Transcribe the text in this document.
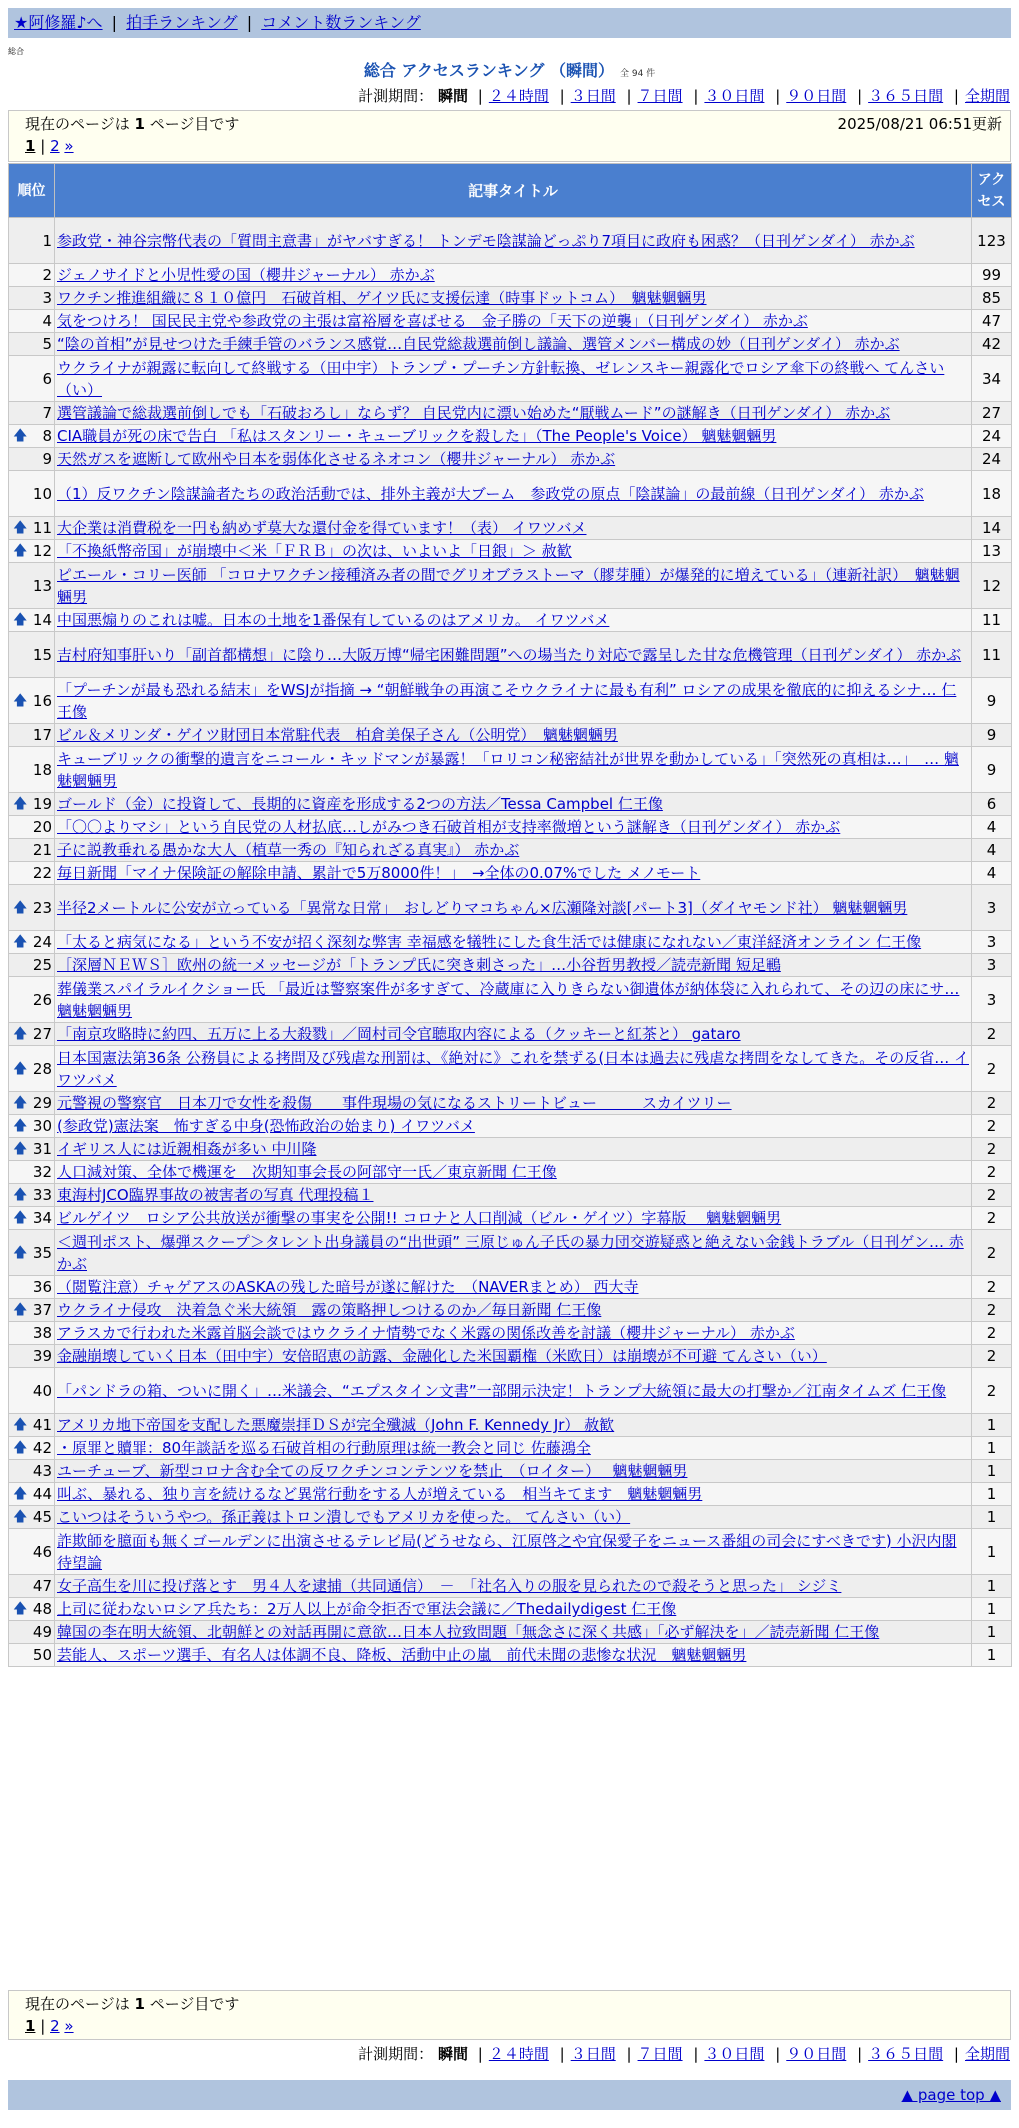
★阿修羅♪へ | 拍手ランキング | コメント数ランキング
総合
総合 アクセスランキング （瞬間） 全 94 件
計測期間： 瞬間 | ２４時間 | ３日間 | ７日間 | ３０日間 | ９０日間 | ３６５日間 | 全期間
現在のページは 1 ページ目です	2025/08/21 06:51更新
1 | 2 »
順位	記事タイトル	アクセス
1	参政党・神谷宗幣代表の「質問主意書」がヤバすぎる！ トンデモ陰謀論どっぷり7項目に政府も困惑？（日刊ゲンダイ） 赤かぶ	123
2	ジェノサイドと小児性愛の国（櫻井ジャーナル） 赤かぶ	99
3	ワクチン推進組織に８１０億円　石破首相、ゲイツ氏に支援伝達（時事ドットコム）　魑魅魍魎男	85
4	気をつけろ！ 国民民主党や参政党の主張は富裕層を喜ばせる　金子勝の「天下の逆襲」（日刊ゲンダイ） 赤かぶ	47
5	“陰の首相”が見せつけた手練手管のバランス感覚…自民党総裁選前倒し議論、選管メンバー構成の妙（日刊ゲンダイ） 赤かぶ	42
6	ウクライナが親露に転向して終戦する（田中宇）トランプ・プーチン方針転換、ゼレンスキー親露化でロシア傘下の終戦へ てんさい（い）	34
7	選管議論で総裁選前倒しでも「石破おろし」ならず？ 自民党内に漂い始めた“厭戦ムード”の謎解き（日刊ゲンダイ） 赤かぶ	27

🡅 8	CIA職員が死の床で告白 「私はスタンリー・キューブリックを殺した」（The People's Voice） 魑魅魍魎男	24
9	天然ガスを遮断して欧州や日本を弱体化させるネオコン（櫻井ジャーナル） 赤かぶ	24
10	（1）反ワクチン陰謀論者たちの政治活動では、排外主義が大ブーム　参政党の原点「陰謀論」の最前線（日刊ゲンダイ） 赤かぶ	18

🡅 11	大企業は消費税を一円も納めず莫大な還付金を得ています！（表） イワツバメ	14

🡅 12	「不換紙幣帝国」が崩壊中＜米「ＦＲＢ」の次は、いよいよ「日銀」＞ 赦歓	13
13	ピエール・コリー医師 「コロナワクチン接種済み者の間でグリオブラストーマ（膠芽腫）が爆発的に増えている」（連新社訳）　魑魅魍魎男	12

🡅 14	中国悪煽りのこれは嘘。日本の土地を1番保有しているのはアメリカ。 イワツバメ	11
15	吉村府知事肝いり「副首都構想」に陰り…大阪万博“帰宅困難問題”への場当たり対応で露呈した甘な危機管理（日刊ゲンダイ） 赤かぶ	11

🡅 16	「プーチンが最も恐れる結末」をWSJが指摘 → “朝鮮戦争の再演こそウクライナに最も有利” ロシアの成果を徹底的に抑えるシナ… 仁王像	9
17	ビル＆メリンダ・ゲイツ財団日本常駐代表　柏倉美保子さん（公明党）　魑魅魍魎男	9
18	キューブリックの衝撃的遺言をニコール・キッドマンが暴露！「ロリコン秘密結社が世界を動かしている」「突然死の真相は…」　… 魑魅魍魎男	9

🡅 19	ゴールド（金）に投資して、長期的に資産を形成する2つの方法／Tessa Campbel 仁王像	6
20	「〇〇よりマシ」という自民党の人材払底…しがみつき石破首相が支持率微増という謎解き（日刊ゲンダイ） 赤かぶ	4
21	子に説教垂れる愚かな大人（植草一秀の『知られざる真実』） 赤かぶ	4
22	毎日新聞「マイナ保険証の解除申請、累計で5万8000件！」　→全体の0.07%でした メノモート	4

🡅 23	半径2メートルに公安が立っている「異常な日常」　おしどりマコちゃん×広瀬隆対談[パート3]（ダイヤモンド社） 魑魅魍魎男	3

🡅 24	「太ると病気になる」という不安が招く深刻な弊害 幸福感を犠牲にした食生活では健康になれない／東洋経済オンライン 仁王像	3
25	［深層ＮＥＷＳ］欧州の統一メッセージが「トランプ氏に突き刺さった」…小谷哲男教授／読売新聞 短足鶤	3
26	葬儀業スパイラルイクショー氏 「最近は警察案件が多すぎて、冷蔵庫に入りきらない御遺体が納体袋に入れられて、その辺の床にサ… 魑魅魍魎男	3

🡅 27	「南京攻略時に約四、五万に上る大殺戮」／岡村司令官聴取内容による（クッキーと紅茶と） gataro	2

🡅 28	日本国憲法第36条 公務員による拷問及び残虐な刑罰は、《絶対に》これを禁ずる(日本は過去に残虐な拷問をなしてきた。その反省… イワツバメ	2

🡅 29	元警視の警察官　日本刀で女性を殺傷　　事件現場の気になるストリートビュー　　　スカイツリー	2

🡅 30	(参政党)憲法案　怖すぎる中身(恐怖政治の始まり) イワツバメ	2

🡅 31	イギリス人には近親相姦が多い 中川隆	2
32	人口減対策、全体で機運を　次期知事会長の阿部守一氏／東京新聞 仁王像	2

🡅 33	東海村JCO臨界事故の被害者の写真 代理投稿１	2

🡅 34	ビルゲイツ　ロシア公共放送が衝撃の事実を公開!! コロナと人口削減（ビル・ゲイツ）字幕版　 魑魅魍魎男	2

🡅 35	＜週刊ポスト、爆弾スクープ＞タレント出身議員の“出世頭” 三原じゅん子氏の暴力団交遊疑惑と絶えない金銭トラブル（日刊ゲン… 赤かぶ	2
36	（閲覧注意）チャゲアスのASKAの残した暗号が遂に解けた　（NAVERまとめ） 西大寺	2

🡅 37	ウクライナ侵攻　決着急ぐ米大統領　露の策略押しつけるのか／毎日新聞 仁王像	2
38	アラスカで行われた米露首脳会談ではウクライナ情勢でなく米露の関係改善を討議（櫻井ジャーナル） 赤かぶ	2
39	金融崩壊していく日本（田中宇）安倍昭恵の訪露、金融化した米国覇権（米欧日）は崩壊が不可避 てんさい（い）	2
40	「パンドラの箱、ついに開く」…米議会、“エプスタイン文書”一部開示決定！トランプ大統領に最大の打撃か／江南タイムズ 仁王像	2

🡅 41	アメリカ地下帝国を支配した悪魔崇拝ＤＳが完全殲滅（John F. Kennedy Jr） 赦歓	1

🡅 42	・原罪と贖罪：80年談話を巡る石破首相の行動原理は統一教会と同じ 佐藤鴻全	1
43	ユーチューブ、新型コロナ含む全ての反ワクチンコンテンツを禁止　（ロイター）　 魑魅魍魎男	1

🡅 44	叫ぶ、暴れる、独り言を続けるなど異常行動をする人が増えている　相当キてます　魑魅魍魎男	1

🡅 45	こいつはそういうやつ。孫正義はトロン潰しでもアメリカを使った。 てんさい（い）	1
46	詐欺師を臆面も無くゴールデンに出演させるテレビ局(どうせなら、江原啓之や宜保愛子をニュース番組の司会にすべきです) 小沢内閣待望論	1
47	女子高生を川に投げ落とす　男４人を逮捕（共同通信）　－　「社名入りの服を見られたので殺そうと思った」 シジミ	1

🡅 48	上司に従わないロシア兵たち：2万人以上が命令拒否で軍法会議に／Thedailydigest 仁王像	1
49	韓国の李在明大統領、北朝鮮との対話再開に意欲…日本人拉致問題「無念さに深く共感」「必ず解決を」／読売新聞 仁王像	1
50	芸能人、スポーツ選手、有名人は体調不良、降板、活動中止の嵐　前代未聞の悲惨な状況　魑魅魍魎男	1
現在のページは 1 ページ目です
1 | 2 »
計測期間： 瞬間 | ２４時間 | ３日間 | ７日間 | ３０日間 | ９０日間 | ３６５日間 | 全期間
▲ page top ▲
